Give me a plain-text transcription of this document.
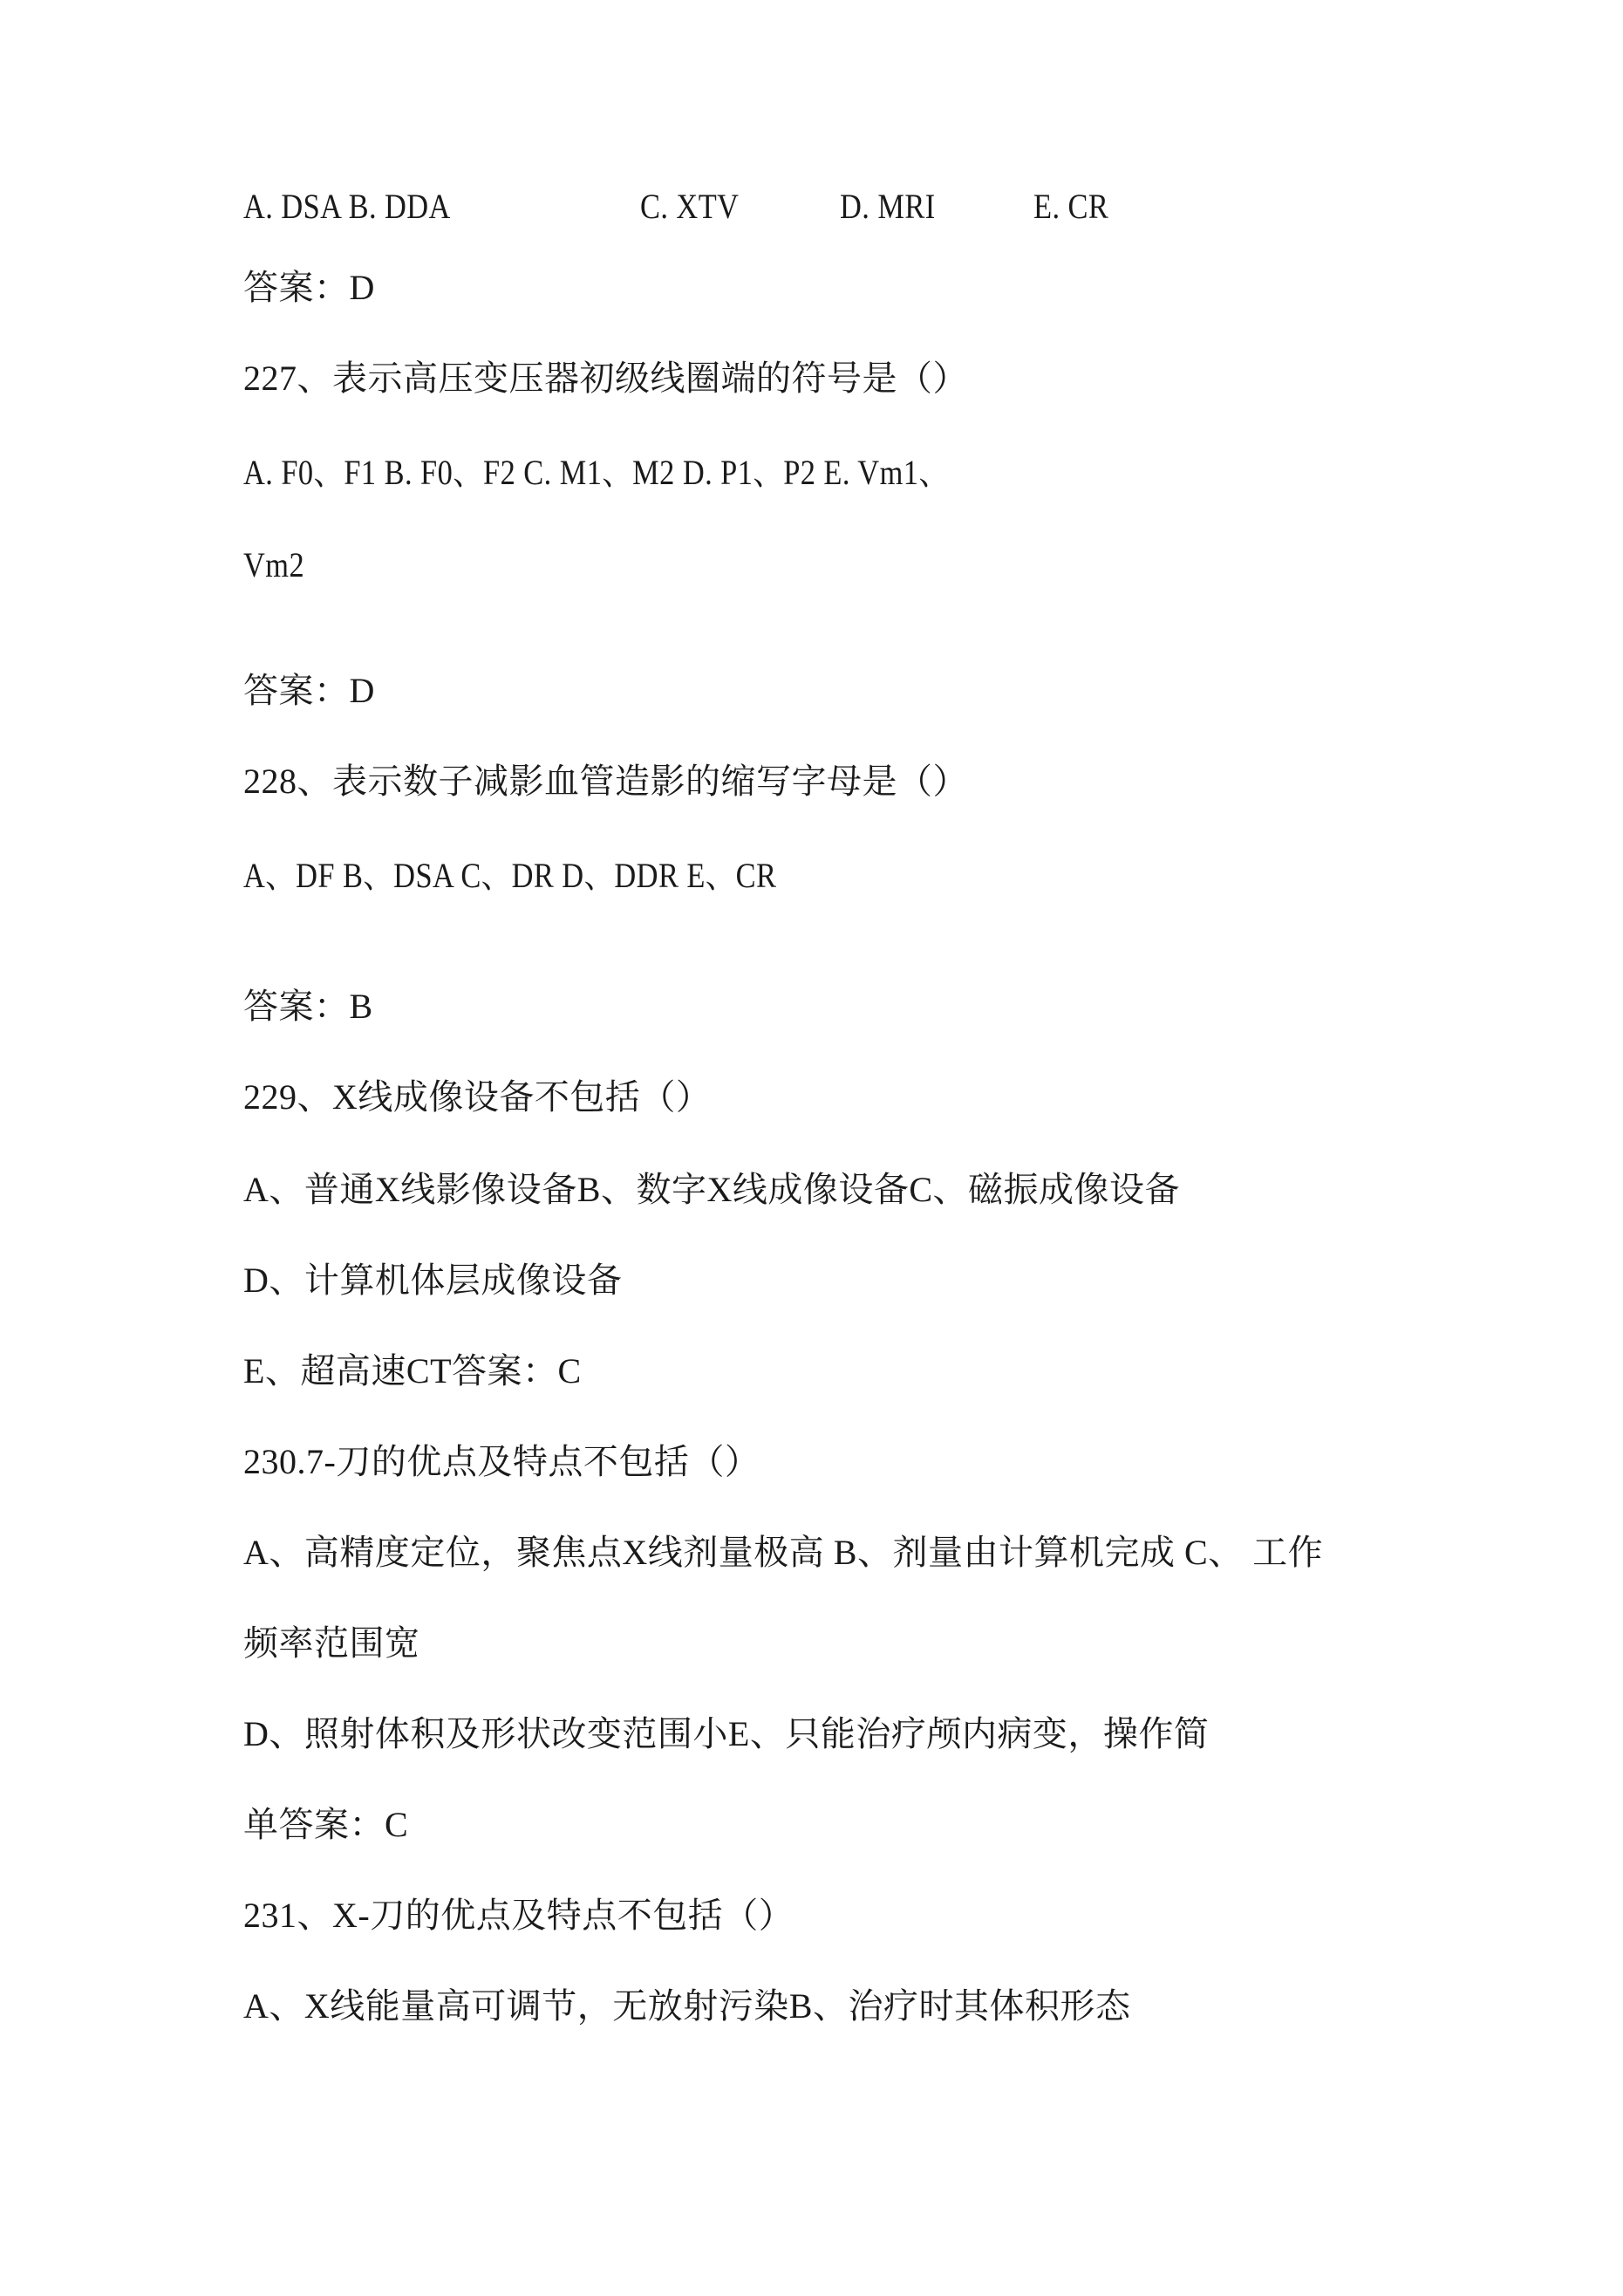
A. DSA B. DDA	C. XTV	D. MRI	E. CR
答案：D
227、表示高压变压器初级线圈端的符号是（）
A. F0、F1 B. F0、F2 C. M1、M2 D. P1、P2 E. Vm1、
Vm2
答案：D
228、表示数子减影血管造影的缩写字母是（）
A、DF B、DSA C、DR D、DDR E、CR
答案：B
229、X线成像设备不包括（）
A、普通X线影像设备B、数字X线成像设备C、磁振成像设备
D、计算机体层成像设备
E、超高速CT答案：C
230.7-刀的优点及特点不包括（）
A、高精度定位，聚焦点X线剂量极高 B、剂量由计算机完成 C、 工作
频率范围宽
D、照射体积及形状改变范围小E、只能治疗颅内病变，操作简
单答案：C
231、X-刀的优点及特点不包括（）
A、X线能量高可调节，无放射污染B、治疗时其体积形态
